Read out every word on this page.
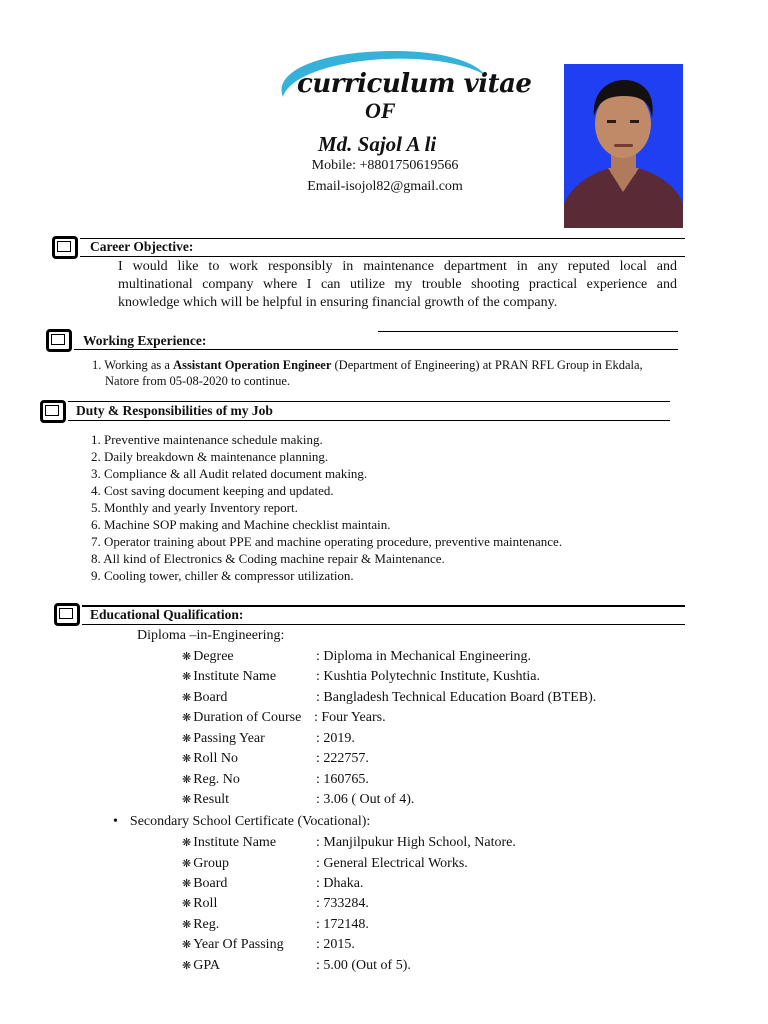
curriculum vitae
OF
Md. Sajol A li
Mobile: +8801750619566
Email-isojol82@gmail.com
Career Objective:
I would like to work responsibly in maintenance department in any reputed local and
multinational company where I can utilize my trouble shooting practical experience and
knowledge which will be helpful in ensuring financial growth of the company.
Working Experience:
1. Working as a Assistant Operation Engineer (Department of Engineering) at PRAN RFL Group in Ekdala,
Natore from 05-08-2020 to continue.
Duty & Responsibilities of my Job
1. Preventive maintenance schedule making.
2. Daily breakdown & maintenance planning.
3. Compliance & all Audit related document making.
4. Cost saving document keeping and updated.
5. Monthly and yearly Inventory report.
6. Machine SOP making and Machine checklist maintain.
7. Operator training about PPE and machine operating procedure, preventive maintenance.
8. All kind of Electronics & Coding machine repair & Maintenance.
9. Cooling tower, chiller & compressor utilization.
Educational Qualification:
Diploma –in-Engineering:
❋ Degree	: Diploma in Mechanical Engineering.
❋ Institute Name	: Kushtia Polytechnic Institute, Kushtia.
❋ Board	: Bangladesh Technical Education Board (BTEB).
❋ Duration of Course : Four Years.
❋ Passing Year	: 2019.
❋ Roll No	: 222757.
❋ Reg. No	: 160765.
❋ Result	: 3.06 ( Out of 4).
• Secondary School Certificate (Vocational):
❋ Institute Name	: Manjilpukur High School, Natore.
❋ Group	: General Electrical Works.
❋ Board	: Dhaka.
❋ Roll	: 733284.
❋ Reg.	: 172148.
❋ Year Of Passing : 2015.
❋ GPA	: 5.00 (Out of 5).
